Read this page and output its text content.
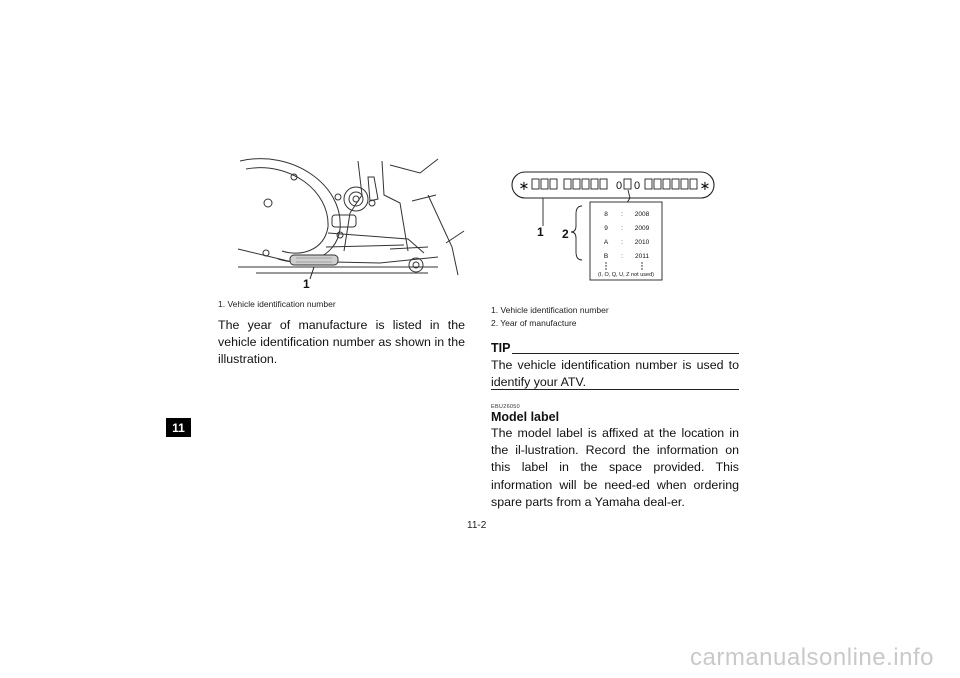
11
1
1. Vehicle identification number
The year of manufacture is listed in the vehicle identification number as shown in the illustration.
∗	0 0	∗
1 2
8 : 2008
9 : 2009
A : 2010
B : 2011
(I, O, Q, U, Z not used)
1. Vehicle identification number
2. Year of manufacture
TIP
The vehicle identification number is used to identify your ATV.
EBU26050
Model label
The model label is affixed at the location in the il-lustration. Record the information on this label in the space provided. This information will be need-ed when ordering spare parts from a Yamaha deal-er.
11-2
carmanualsonline.info
